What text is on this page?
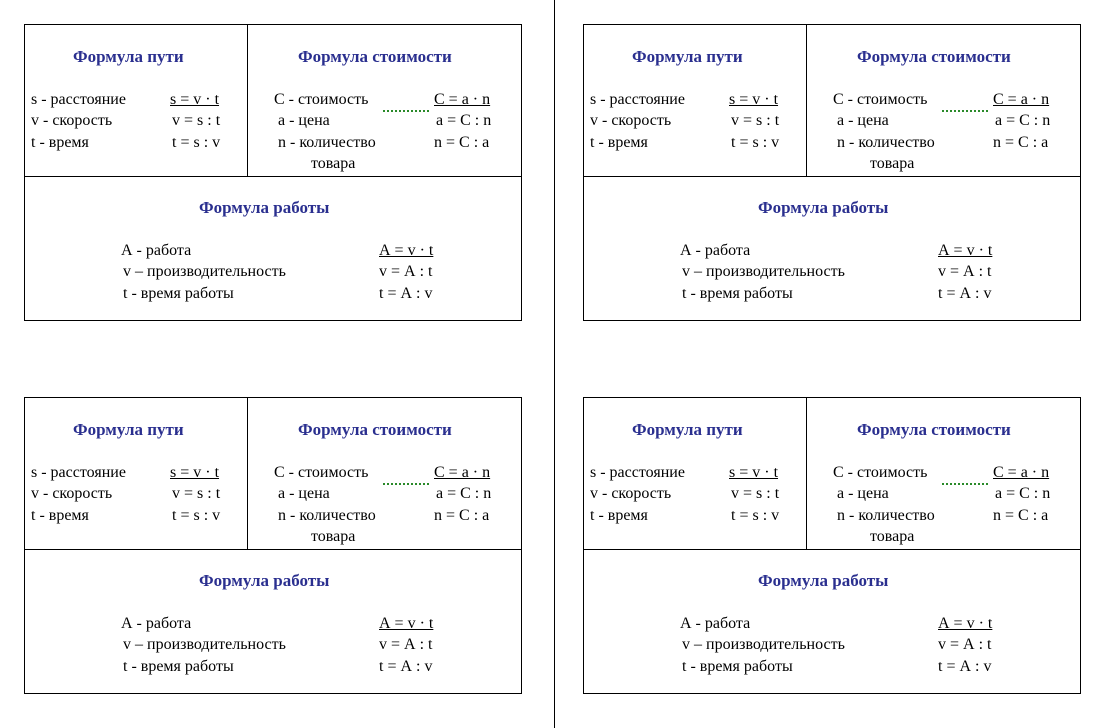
Формула пути
s - расстояние	s = v · t
v - скорость	v = s : t
t - время	t = s : v
Формула стоимости
С - стоимость	С = a · n
а - цена	a = C : n
n - количество	n = C : a
товара
Формула работы
А - работа	А = v · t
v – производительность	v = А : t
t - время работы	t = А : v
Формула пути
s - расстояние	s = v · t
v - скорость	v = s : t
t - время	t = s : v
Формула стоимости
С - стоимость	С = a · n
а - цена	a = C : n
n - количество	n = C : a
товара
Формула работы
А - работа	А = v · t
v – производительность	v = А : t
t - время работы	t = А : v
Формула пути
s - расстояние	s = v · t
v - скорость	v = s : t
t - время	t = s : v
Формула стоимости
С - стоимость	С = a · n
а - цена	a = C : n
n - количество	n = C : a
товара
Формула работы
А - работа	А = v · t
v – производительность	v = А : t
t - время работы	t = А : v
Формула пути
s - расстояние	s = v · t
v - скорость	v = s : t
t - время	t = s : v
Формула стоимости
С - стоимость	С = a · n
а - цена	a = C : n
n - количество	n = C : a
товара
Формула работы
А - работа	А = v · t
v – производительность	v = А : t
t - время работы	t = А : v
